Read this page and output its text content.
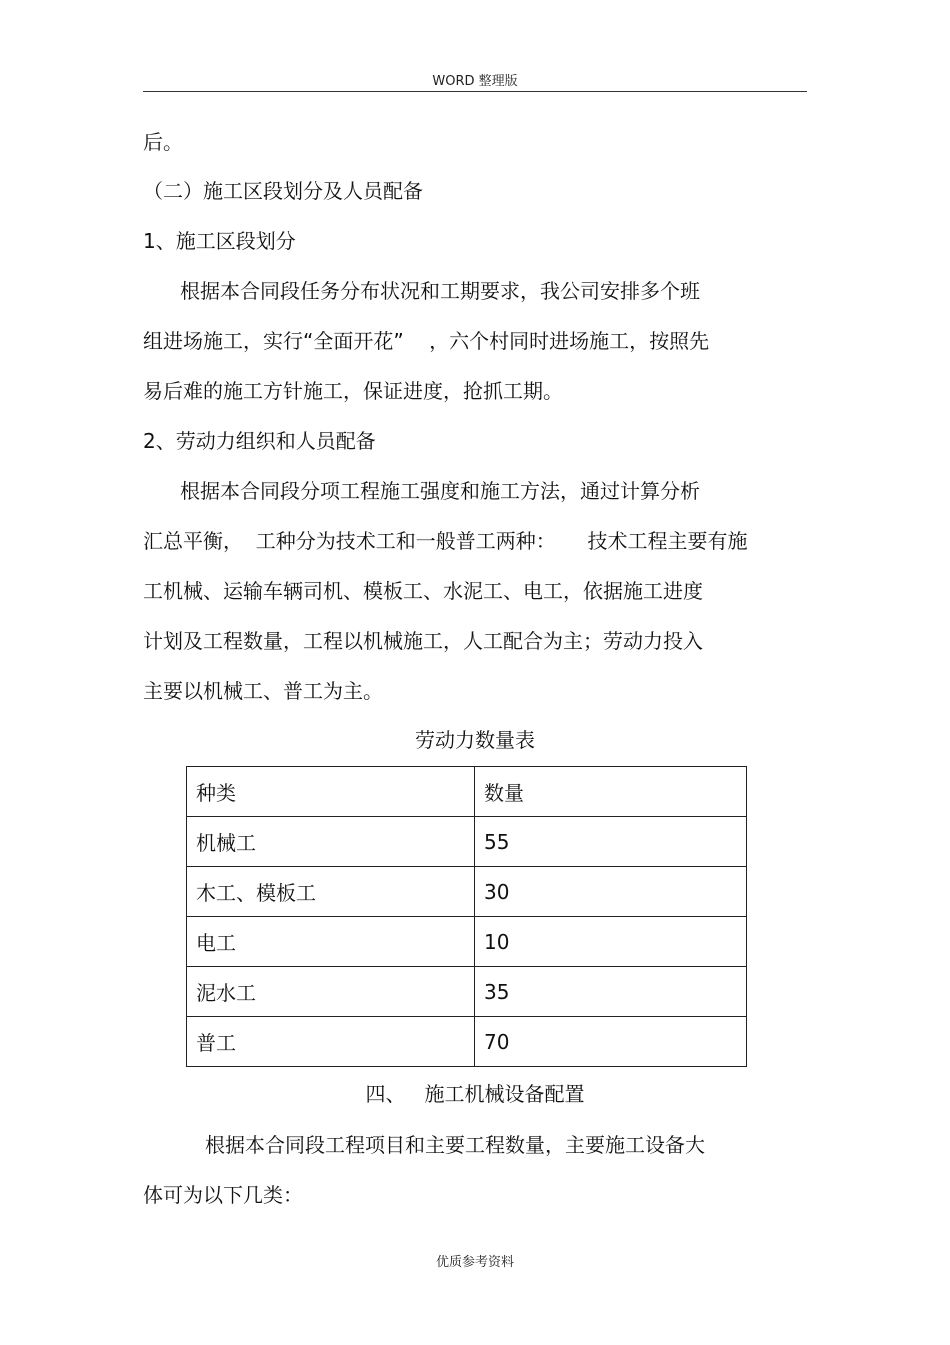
WORD 整理版
后。
（二）施工区段划分及人员配备
1、施工区段划分
根据本合同段任务分布状况和工期要求，我公司安排多个班
组进场施工，实行“全面开花”    ，六个村同时进场施工，按照先
易后难的施工方针施工，保证进度，抢抓工期。
2、劳动力组织和人员配备
根据本合同段分项工程施工强度和施工方法，通过计算分析
汇总平衡，  工种分为技术工和一般普工两种：     技术工程主要有施
工机械、运输车辆司机、模板工、水泥工、电工，依据施工进度
计划及工程数量，工程以机械施工，人工配合为主；劳动力投入
主要以机械工、普工为主。
劳动力数量表
种类	数量
机械工	55
木工、模板工	30
电工	10
泥水工	35
普工	70
四、   施工机械设备配置
根据本合同段工程项目和主要工程数量，主要施工设备大
体可为以下几类：
优质参考资料
